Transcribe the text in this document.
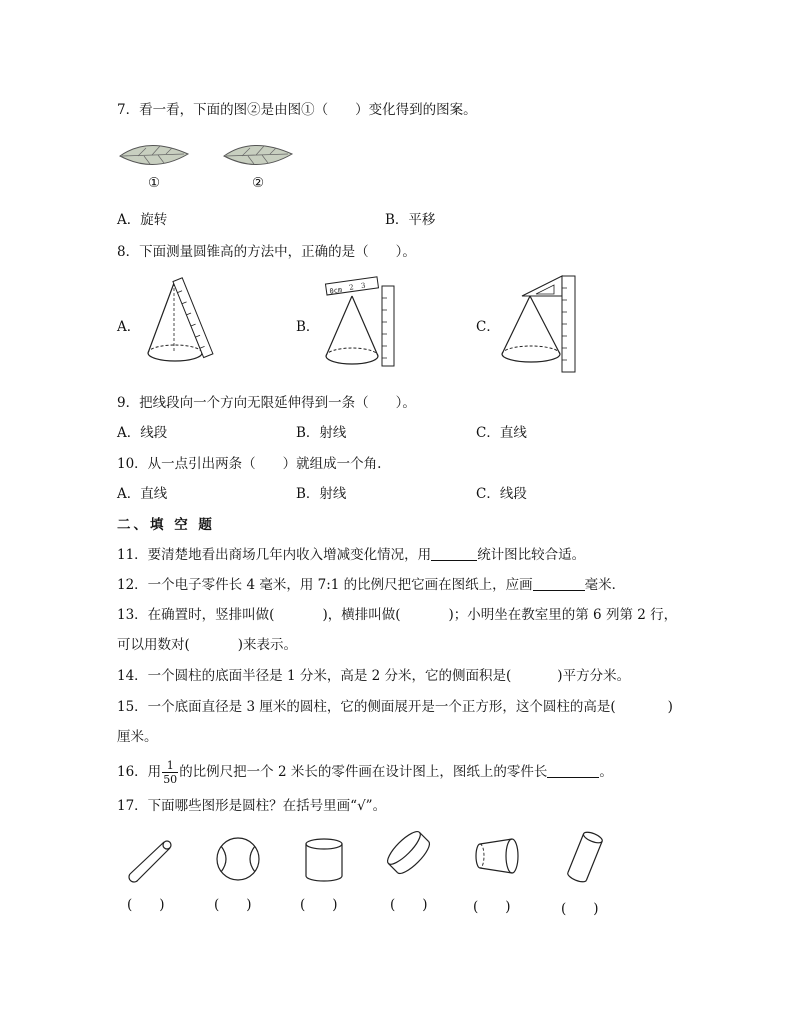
7．看一看，下面的图②是由图①（　　）变化得到的图案。
①	②
A．旋转	B．平移
8．下面测量圆锥高的方法中，正确的是（　　）。
A．	B．	C．
0cm 2 3
9．把线段向一个方向无限延伸得到一条（　　）。
A．线段	B．射线	C．直线
10．从一点引出两条（　　）就组成一个角.
A．直线	B．射线	C．线段
二、填 空 题
11．要清楚地看出商场几年内收入增减变化情况，用	统计图比较合适。
12．一个电子零件长 4 毫米，用 7:1 的比例尺把它画在图纸上，应画	毫米．
13．在确置时，竖排叫做(	)，横排叫做(	)；小明坐在教室里的第 6 列第 2 行，
可以用数对(	)来表示。
14．一个圆柱的底面半径是 1 分米，高是 2 分米，它的侧面积是(	)平方分米。
15．一个底面直径是 3 厘米的圆柱，它的侧面展开是一个正方形，这个圆柱的高是(	)
厘米。
16．用 $\frac{1}{50}$ 的比例尺把一个 2 米长的零件画在设计图上，图纸上的零件长	。
17．下面哪些图形是圆柱？在括号里画“√”。
(　　)	(　　)	(　　)	(　　)	(　　)	(　　)
